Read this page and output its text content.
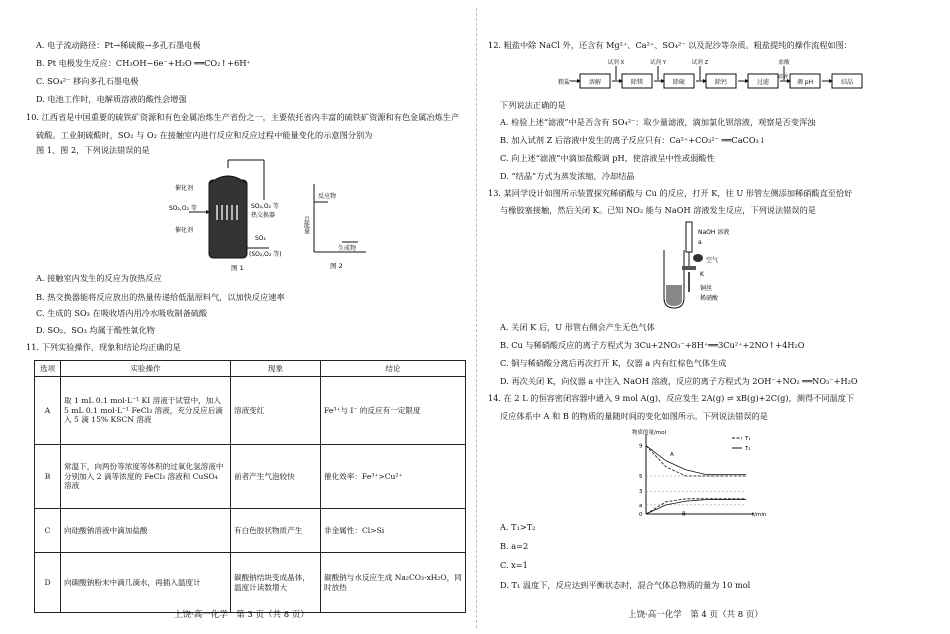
A. 电子流动路径：Pt→稀硫酸→多孔石墨电极
B. Pt 电极发生反应：CH₃OH−6e⁻+H₂O ══CO₂↑+6H⁺
C. SO₄²⁻ 移向多孔石墨电极
D. 电池工作时，电解质溶液的酸性会增强
10. 江西省是中国重要的硫铁矿资源和有色金属冶炼生产省份之一，主要依托省内丰富的硫铁矿资源和有色金属冶炼生产
硫酸。工业制硫酸时，SO₂ 与 O₂ 在接触室内进行反应和反应过程中能量变化的示意图分别为
图 1、图 2，下列说法错误的是
催化剂
SO₂,O₂ 等
催化剂
SO₂,O₂ 等
热交换器
SO₂
(SO₂,O₂ 等)
图 1
反应物
生成物
总能量
图 2
A. 接触室内发生的反应为放热反应
B. 热交换器能将反应放出的热量传递给低温原料气，以加快反应速率
C. 生成的 SO₃ 在吸收塔内用冷水吸收制备硫酸
D. SO₂、SO₃ 均属于酸性氧化物
11. 下列实验操作、现象和结论均正确的是
选项	实验操作	现象	结论
A	取 1 mL 0.1 mol·L⁻¹ KI 溶液于试管中，加入 5 mL 0.1 mol·L⁻¹ FeCl₃ 溶液，充分反应后滴入 5 滴 15% KSCN 溶液	溶液变红	Fe³⁺与 I⁻ 的反应有一定限度
B	常温下，向两份等浓度等体积的过氧化氢溶液中分别加入 2 滴等浓度的 FeCl₃ 溶液和 CuSO₄ 溶液	前者产生气泡较快	催化效率：Fe³⁺>Cu²⁺
C	向硅酸钠溶液中滴加盐酸	有白色胶状物质产生	非金属性：Cl>Si
D	向碳酸钠粉末中滴几滴水，再插入温度计	碳酸钠结块变成晶体，温度计读数增大	碳酸钠与水反应生成 Na₂CO₃·xH₂O，同时放热
上饶·高一化学　第 3 页（共 8 页）
12. 粗盐中除 NaCl 外，还含有 Mg²⁺、Ca²⁺、SO₄²⁻ 以及泥沙等杂质。粗盐提纯的操作流程如图：
粗盐	溶解	除镁
试剂 X
除硫
试剂 Y
除钙
试剂 Z
过滤	调 pH
盐酸
滤液
结晶
下列说法正确的是
A. 检验上述“滤液”中是否含有 SO₄²⁻：取少量滤液，滴加氯化钡溶液，观察是否变浑浊
B. 加入试剂 Z 后溶液中发生的离子反应只有：Ca²⁺+CO₃²⁻ ══CaCO₃↓
C. 向上述“滤液”中滴加盐酸调 pH，使溶液呈中性或弱酸性
D. “结晶”方式为蒸发浓缩，冷却结晶
13. 某同学设计如图所示装置探究稀硝酸与 Cu 的反应，打开 K，往 U 形管左侧添加稀硝酸直至恰好
与橡胶塞接触，然后关闭 K。已知 NO₂ 能与 NaOH 溶液发生反应，下列说法错误的是
NaOH 溶液
a
空气
K
铜丝
稀硝酸
A. 关闭 K 后，U 形管右侧会产生无色气体
B. Cu 与稀硝酸反应的离子方程式为 3Cu+2NO₃⁻+8H⁺══3Cu²⁺+2NO↑+4H₂O
C. 铜与稀硝酸分离后再次打开 K，仪器 a 内有红棕色气体生成
D. 再次关闭 K，向仪器 a 中注入 NaOH 溶液，反应的离子方程式为 2OH⁻+NO₂ ══NO₃⁻+H₂O
14. 在 2 L 的恒容密闭容器中通入 9 mol A(g)，反应发生 2A(g) ⇌ xB(g)+2C(g)，测得不同温度下
反应体系中 A 和 B 的物质的量随时间的变化如图所示。下列说法错误的是
物质的量/mol
t/min
9
5
3
a
0
A
B
T₁
T₂
A. T₁>T₂
B. a=2
C. x=1
D. T₁ 温度下，反应达到平衡状态时，混合气体总物质的量为 10 mol
上饶·高一化学　第 4 页（共 8 页）
